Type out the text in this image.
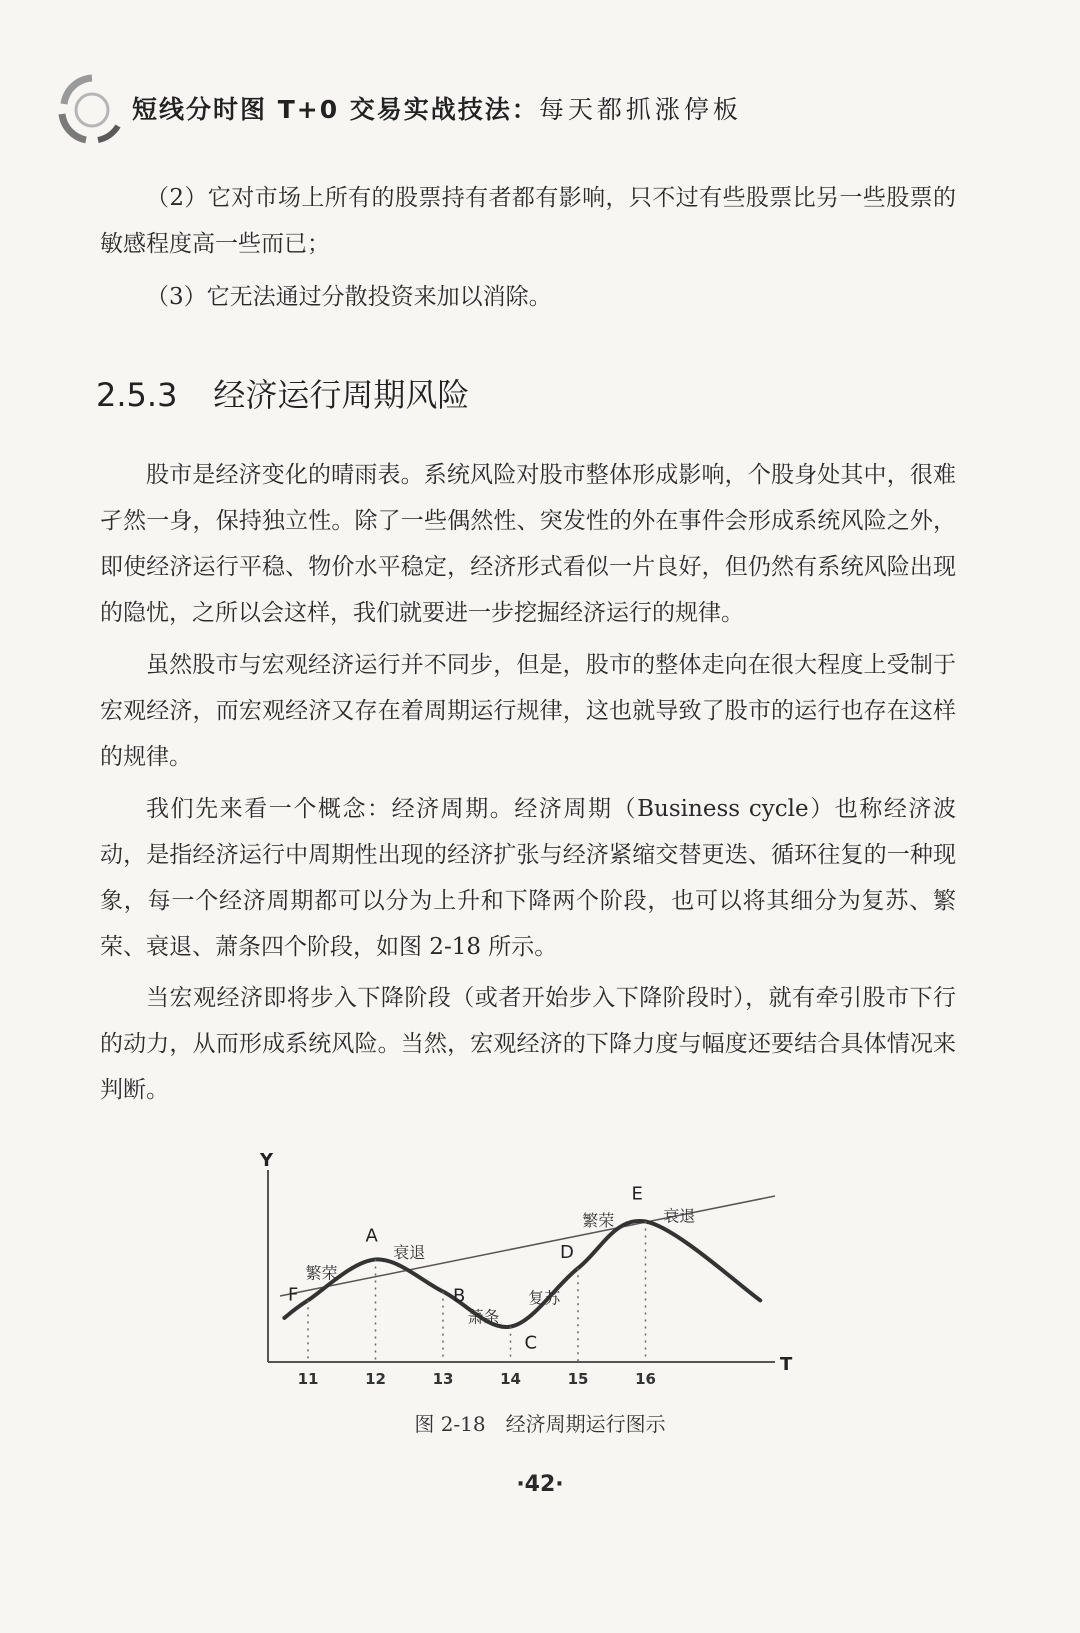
短线分时图 T+0 交易实战技法：每天都抓涨停板

（2）它对市场上所有的股票持有者都有影响，只不过有些股票比另一些股票的敏感程度高一些而已；

（3）它无法通过分散投资来加以消除。

2.5.3 经济运行周期风险

股市是经济变化的晴雨表。系统风险对股市整体形成影响，个股身处其中，很难孑然一身，保持独立性。除了一些偶然性、突发性的外在事件会形成系统风险之外，即使经济运行平稳、物价水平稳定，经济形式看似一片良好，但仍然有系统风险出现的隐忧，之所以会这样，我们就要进一步挖掘经济运行的规律。

虽然股市与宏观经济运行并不同步，但是，股市的整体走向在很大程度上受制于宏观经济，而宏观经济又存在着周期运行规律，这也就导致了股市的运行也存在这样的规律。

我们先来看一个概念：经济周期。经济周期（Business cycle）也称经济波动，是指经济运行中周期性出现的经济扩张与经济紧缩交替更迭、循环往复的一种现象，每一个经济周期都可以分为上升和下降两个阶段，也可以将其细分为复苏、繁荣、衰退、萧条四个阶段，如图 2-18 所示。

当宏观经济即将步入下降阶段（或者开始步入下降阶段时），就有牵引股市下行的动力，从而形成系统风险。当然，宏观经济的下降力度与幅度还要结合具体情况来判断。

Y
T
11	12	13	14	15	16
F
A
B
C
D
E
繁荣
衰退
萧条
复苏
繁荣	衰退
图 2-18　经济周期运行图示
·42·
